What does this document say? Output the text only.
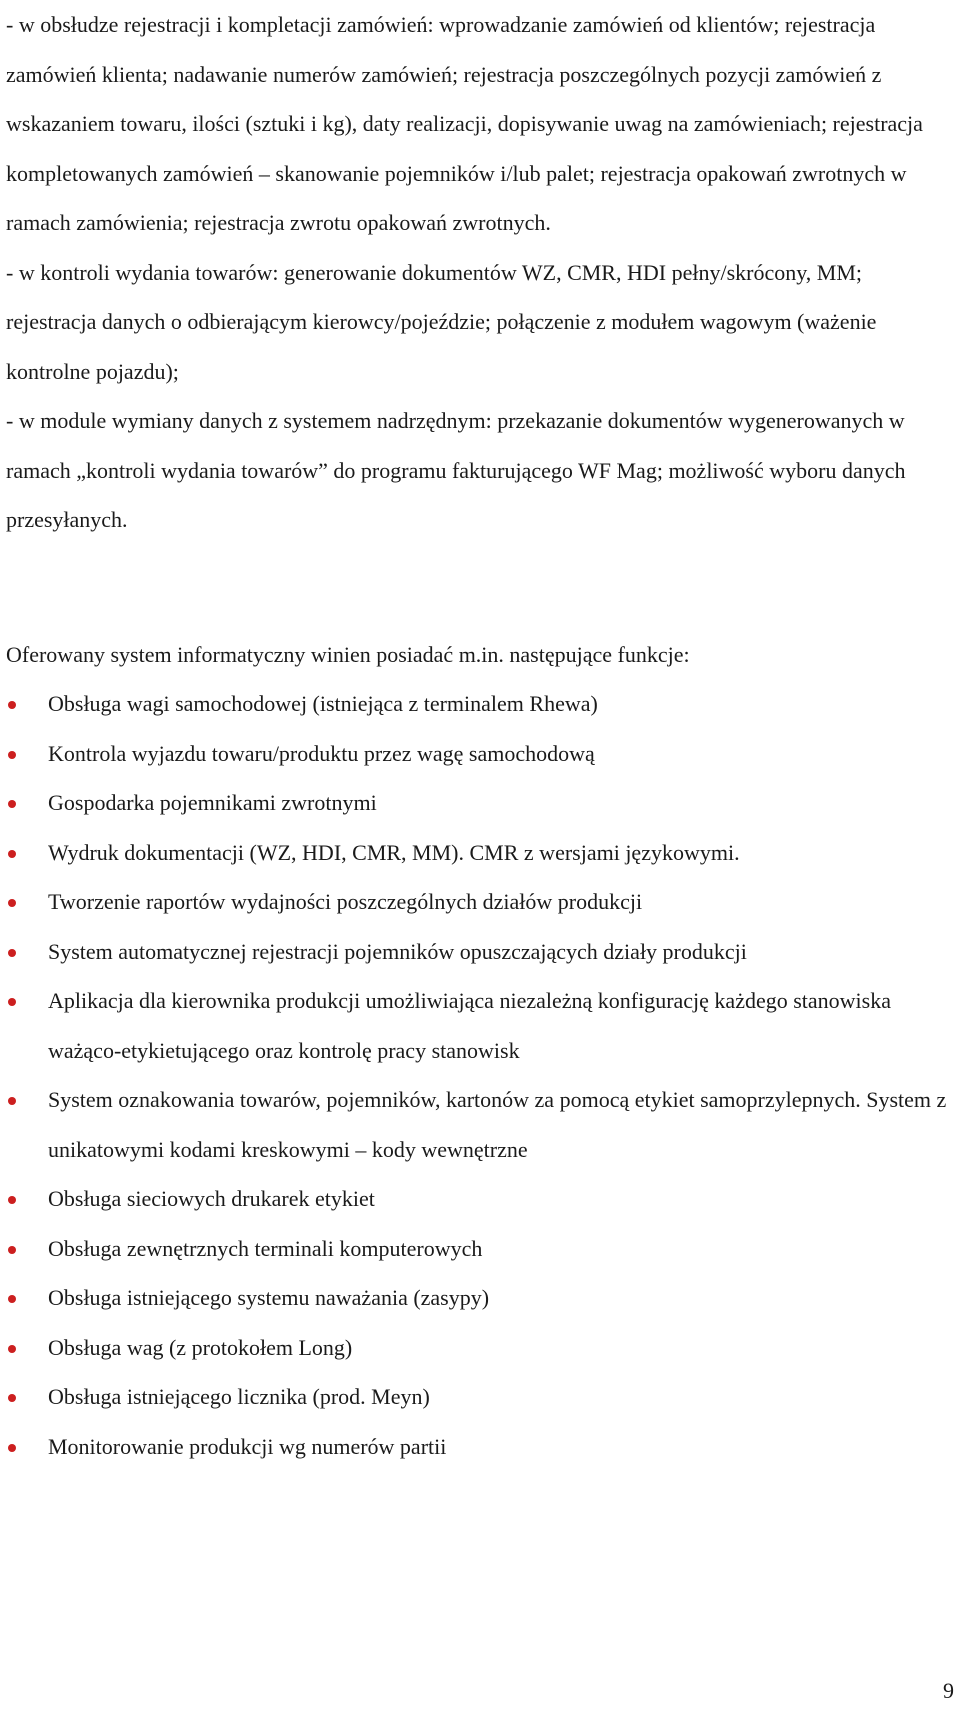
- w obsłudze rejestracji i kompletacji zamówień: wprowadzanie zamówień od klientów; rejestracja zamówień klienta; nadawanie numerów zamówień; rejestracja poszczególnych pozycji zamówień z wskazaniem towaru, ilości (sztuki i kg), daty realizacji, dopisywanie uwag na zamówieniach; rejestracja kompletowanych zamówień – skanowanie pojemników i/lub palet; rejestracja opakowań zwrotnych w ramach zamówienia; rejestracja zwrotu opakowań zwrotnych.

- w kontroli wydania towarów: generowanie dokumentów WZ, CMR, HDI pełny/skrócony, MM; rejestracja danych o odbierającym kierowcy/pojeździe; połączenie z modułem wagowym (ważenie kontrolne pojazdu);

- w module wymiany danych z systemem nadrzędnym: przekazanie dokumentów wygenerowanych w ramach „kontroli wydania towarów” do programu fakturującego WF Mag; możliwość wyboru danych przesyłanych.

Oferowany system informatyczny winien posiadać m.in. następujące funkcje:

Obsługa wagi samochodowej (istniejąca z terminalem Rhewa)
Kontrola wyjazdu towaru/produktu przez wagę samochodową
Gospodarka pojemnikami zwrotnymi
Wydruk dokumentacji (WZ, HDI, CMR, MM). CMR z wersjami językowymi.
Tworzenie raportów wydajności poszczególnych działów produkcji
System automatycznej rejestracji pojemników opuszczających działy produkcji
Aplikacja dla kierownika produkcji umożliwiająca niezależną konfigurację każdego stanowiska ważąco-etykietującego oraz kontrolę pracy stanowisk
System oznakowania towarów, pojemników, kartonów za pomocą etykiet samoprzylepnych. System z unikatowymi kodami kreskowymi – kody wewnętrzne
Obsługa sieciowych drukarek etykiet
Obsługa zewnętrznych terminali komputerowych
Obsługa istniejącego systemu naważania (zasypy)
Obsługa wag (z protokołem Long)
Obsługa istniejącego licznika (prod. Meyn)
Monitorowanie produkcji wg numerów partii
9
